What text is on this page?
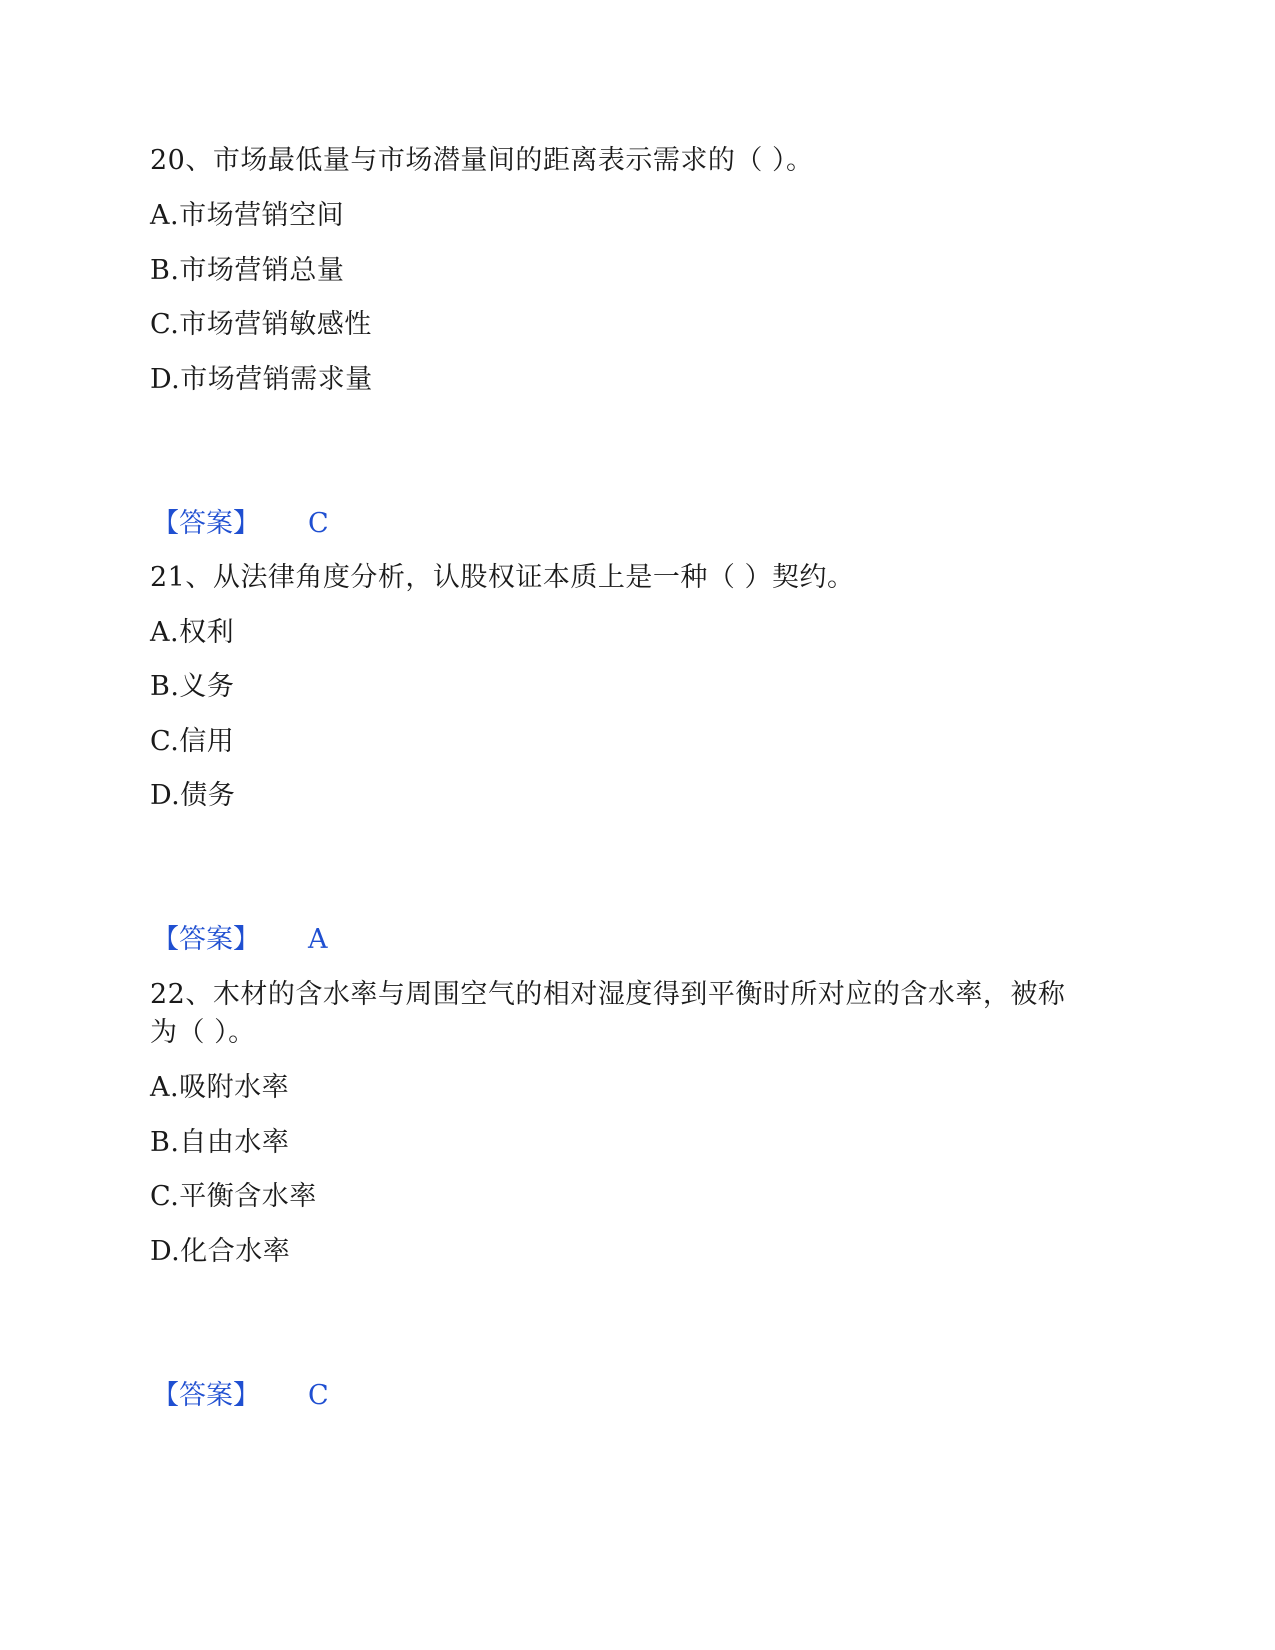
20、市场最低量与市场潜量间的距离表示需求的（ ）。
A.市场营销空间
B.市场营销总量
C.市场营销敏感性
D.市场营销需求量
【答案】 C
21、从法律角度分析，认股权证本质上是一种（ ）契约。
A.权利
B.义务
C.信用
D.债务
【答案】 A
22、木材的含水率与周围空气的相对湿度得到平衡时所对应的含水率，被称
为（ ）。
A.吸附水率
B.自由水率
C.平衡含水率
D.化合水率
【答案】 C
